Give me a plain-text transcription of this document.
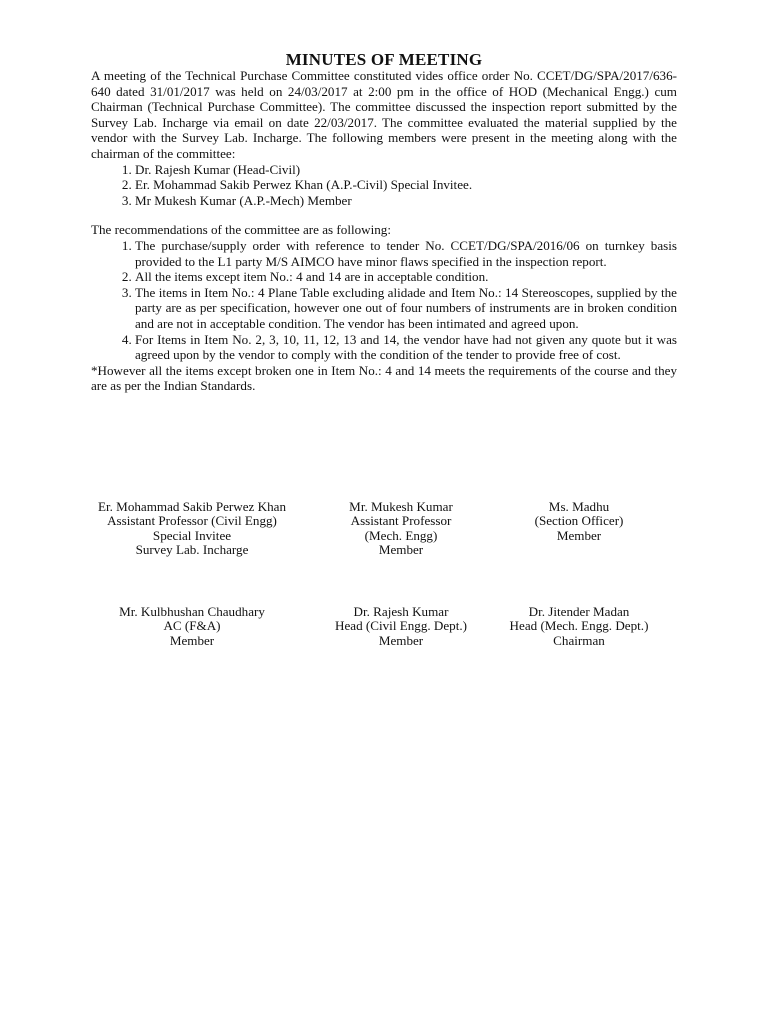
MINUTES OF MEETING

A meeting of the Technical Purchase Committee constituted vides office order No. CCET/DG/SPA/2017/636-640 dated 31/01/2017 was held on 24/03/2017 at 2:00 pm in the office of HOD (Mechanical Engg.) cum Chairman (Technical Purchase Committee). The committee discussed the inspection report submitted by the Survey Lab. Incharge via email on date 22/03/2017. The committee evaluated the material supplied by the vendor with the Survey Lab. Incharge. The following members were present in the meeting along with the chairman of the committee:

1. Dr. Rajesh Kumar (Head-Civil)
2. Er. Mohammad Sakib Perwez Khan (A.P.-Civil) Special Invitee.
3. Mr Mukesh Kumar (A.P.-Mech) Member

The recommendations of the committee are as following:

1. The purchase/supply order with reference to tender No. CCET/DG/SPA/2016/06 on turnkey basis provided to the L1 party M/S AIMCO have minor flaws specified in the inspection report.
2. All the items except item No.: 4 and 14 are in acceptable condition.
3. The items in Item No.: 4 Plane Table excluding alidade and Item No.: 14 Stereoscopes, supplied by the party are as per specification, however one out of four numbers of instruments are in broken condition and are not in acceptable condition. The vendor has been intimated and agreed upon.
4. For Items in Item No. 2, 3, 10, 11, 12, 13 and 14, the vendor have had not given any quote but it was agreed upon by the vendor to comply with the condition of the tender to provide free of cost.

*However all the items except broken one in Item No.: 4 and 14 meets the requirements of the course and they are as per the Indian Standards.

Er. Mohammad Sakib Perwez Khan
Assistant Professor (Civil Engg)
Special Invitee
Survey Lab. Incharge
Mr. Mukesh Kumar
Assistant Professor
(Mech. Engg)
Member
Ms. Madhu
(Section Officer)
Member
Mr. Kulbhushan Chaudhary
AC (F&A)
Member
Dr. Rajesh Kumar
Head (Civil Engg. Dept.)
Member
Dr. Jitender Madan
Head (Mech. Engg. Dept.)
Chairman
